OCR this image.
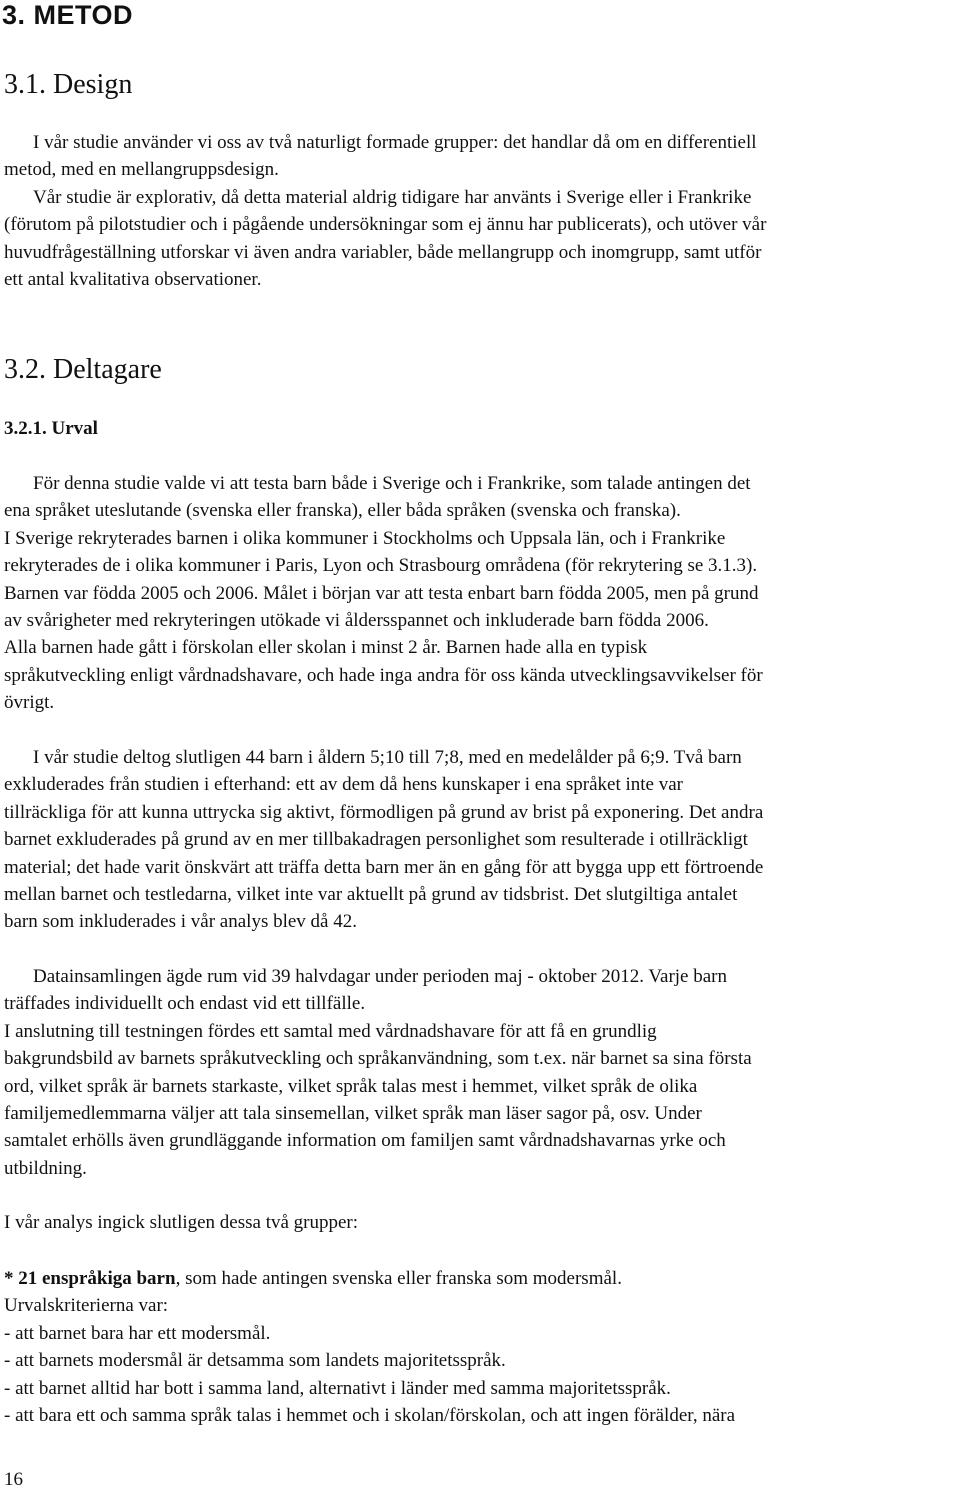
3. METOD
3.1. Design
I vår studie använder vi oss av två naturligt formade grupper: det handlar då om en differentiell
metod, med en mellangruppsdesign.
Vår studie är explorativ, då detta material aldrig tidigare har använts i Sverige eller i Frankrike
(förutom på pilotstudier och i pågående undersökningar som ej ännu har publicerats), och utöver vår
huvudfrågeställning utforskar vi även andra variabler, både mellangrupp och inomgrupp, samt utför
ett antal kvalitativa observationer.
3.2. Deltagare
3.2.1. Urval
För denna studie valde vi att testa barn både i Sverige och i Frankrike, som talade antingen det
ena språket uteslutande (svenska eller franska), eller båda språken (svenska och franska).
I Sverige rekryterades barnen i olika kommuner i Stockholms och Uppsala län, och i Frankrike
rekryterades de i olika kommuner i Paris, Lyon och Strasbourg områdena (för rekrytering se 3.1.3).
Barnen var födda 2005 och 2006. Målet i början var att testa enbart barn födda 2005, men på grund
av svårigheter med rekryteringen utökade vi åldersspannet och inkluderade barn födda 2006.
Alla barnen hade gått i förskolan eller skolan i minst 2 år. Barnen hade alla en typisk
språkutveckling enligt vårdnadshavare, och hade inga andra för oss kända utvecklingsavvikelser för
övrigt.
I vår studie deltog slutligen 44 barn i åldern 5;10 till 7;8, med en medelålder på 6;9. Två barn
exkluderades från studien i efterhand: ett av dem då hens kunskaper i ena språket inte var
tillräckliga för att kunna uttrycka sig aktivt, förmodligen på grund av brist på exponering. Det andra
barnet exkluderades på grund av en mer tillbakadragen personlighet som resulterade i otillräckligt
material; det hade varit önskvärt att träffa detta barn mer än en gång för att bygga upp ett förtroende
mellan barnet och testledarna, vilket inte var aktuellt på grund av tidsbrist. Det slutgiltiga antalet
barn som inkluderades i vår analys blev då 42.
Datainsamlingen ägde rum vid 39 halvdagar under perioden maj - oktober 2012. Varje barn
träffades individuellt och endast vid ett tillfälle.
I anslutning till testningen fördes ett samtal med vårdnadshavare för att få en grundlig
bakgrundsbild av barnets språkutveckling och språkanvändning, som t.ex. när barnet sa sina första
ord, vilket språk är barnets starkaste, vilket språk talas mest i hemmet, vilket språk de olika
familjemedlemmarna väljer att tala sinsemellan, vilket språk man läser sagor på, osv. Under
samtalet erhölls även grundläggande information om familjen samt vårdnadshavarnas yrke och
utbildning.
I vår analys ingick slutligen dessa två grupper:
* 21 enspråkiga barn, som hade antingen svenska eller franska som modersmål.
Urvalskriterierna var:
- att barnet bara har ett modersmål.
- att barnets modersmål är detsamma som landets majoritetsspråk.
- att barnet alltid har bott i samma land, alternativt i länder med samma majoritetsspråk.
- att bara ett och samma språk talas i hemmet och i skolan/förskolan, och att ingen förälder, nära
16
